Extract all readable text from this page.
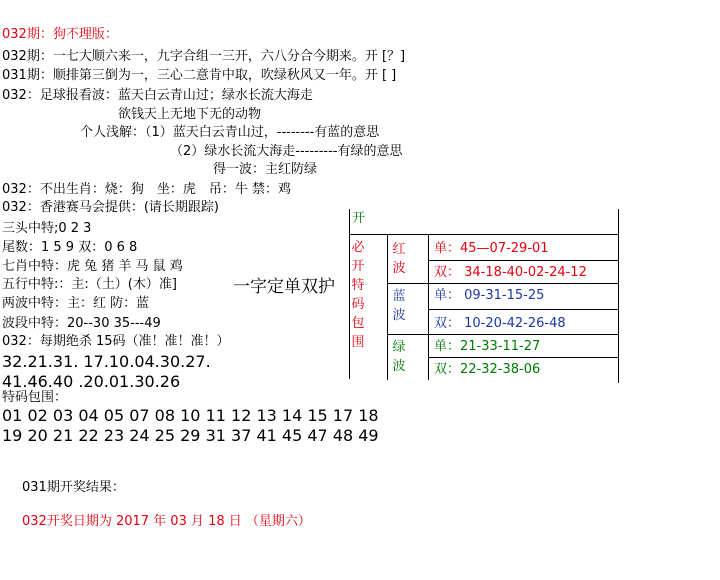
032期：狗不理版：
032期：一七大顺六来一，九字合组一三开，六八分合今期来。开 [？]
031期：顺排第三倒为一，三心二意肯中取，吹绿秋风又一年。开 [ ]
032：足球报看波：蓝天白云青山过；绿水长流大海走
欲钱天上无地下无的动物
个人浅解：（1）蓝天白云青山过，--------有蓝的意思
（2）绿水长流大海走---------有绿的意思
得一波：主红防绿
032：不出生肖：烧：狗　坐：虎　吊：牛 禁：鸡
032：香港赛马会提供：(请长期跟踪)
三头中特;0 2 3
尾数：1 5 9 双：0 6 8
七肖中特：虎 兔 猪 羊 马 鼠 鸡
五行中特:：主:（土）(木）准]
两波中特：主：红 防：蓝
波段中特：20--30 35---49
032：每期绝杀 15码（准！准！准！）
32.21.31. 17.10.04.30.27.
41.46.40 .20.01.30.26
特码包围：
01 02 03 04 05 07 08 10 11 12 13 14 15 17 18
19 20 21 22 23 24 25 29 31 37 41 45 47 48 49
031期开奖结果：
032开奖日期为 2017 年 03 月 18 日 （星期六）
一字定单双护
开
必开特码包围
红波
蓝波
绿波
单：45—07-29-01
双： 34-18-40-02-24-12
单： 09-31-15-25
双： 10-20-42-26-48
单：21-33-11-27
双：22-32-38-06
